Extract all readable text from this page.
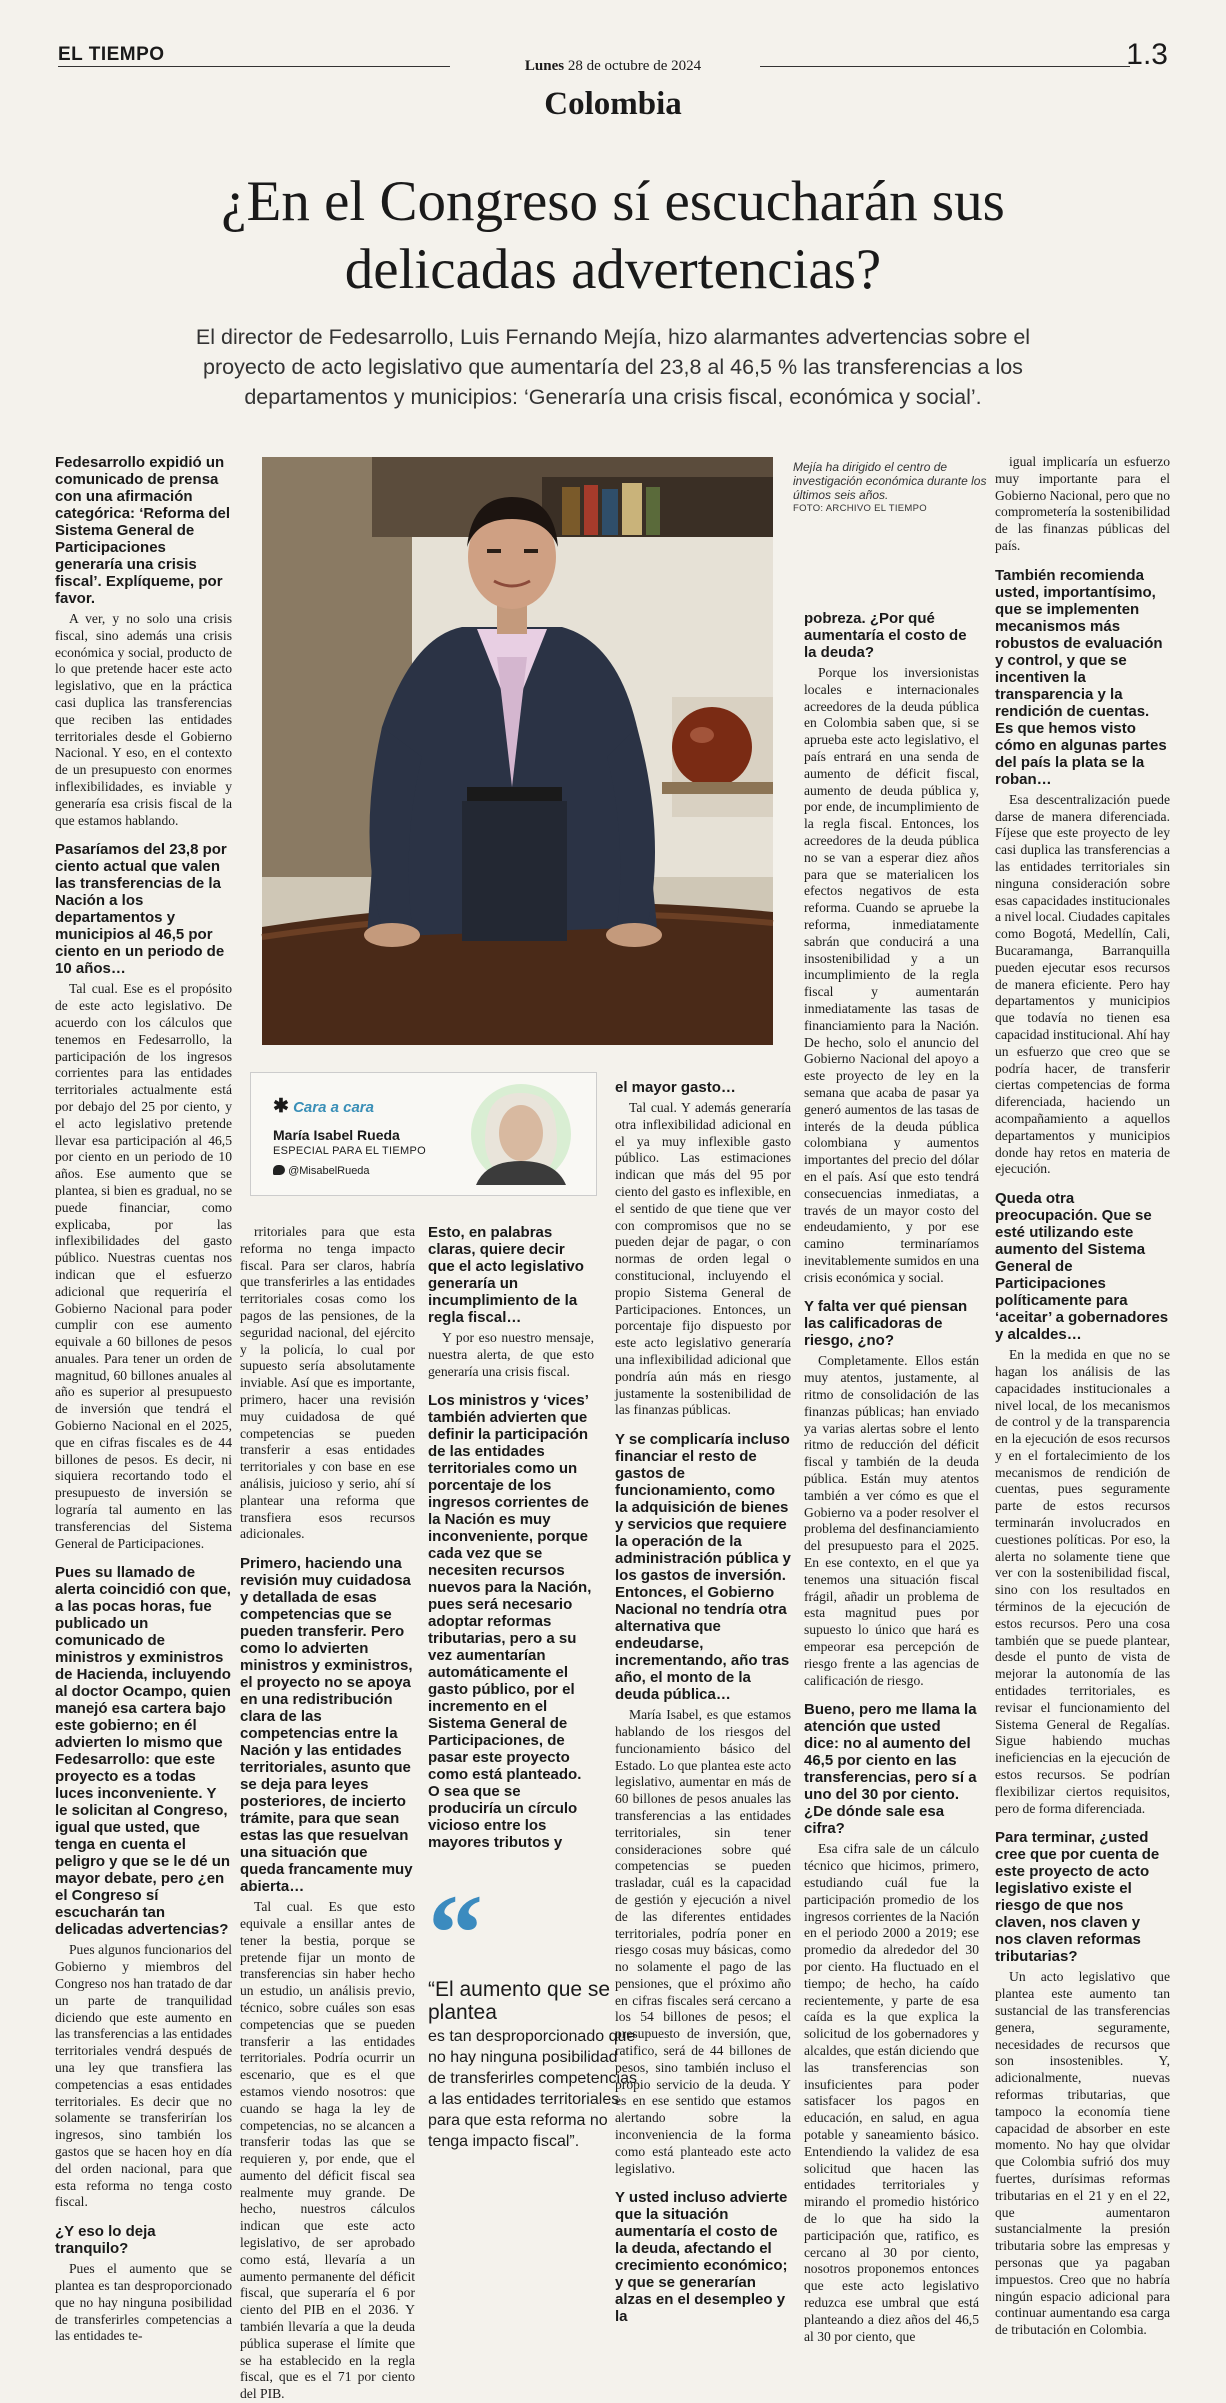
EL TIEMPO
Lunes 28 de octubre de 2024	1.3
Colombia
¿En el Congreso sí escucharán sus delicadas advertencias?
El director de Fedesarrollo, Luis Fernando Mejía, hizo alarmantes advertencias sobre el proyecto de acto legislativo que aumentaría del 23,8 al 46,5 % las transferencias a los departamentos y municipios: ‘Generaría una crisis fiscal, económica y social’.
Mejía ha dirigido el centro de investigación económica durante los últimos seis años.
FOTO: ARCHIVO EL TIEMPO
✱ Cara a cara
María Isabel Rueda
ESPECIAL PARA EL TIEMPO
@MisabelRueda
“
“El aumento que se plantea
es tan desproporcionado que no hay ninguna posibilidad de transferirles competencias a las entidades territoriales para que esta reforma no tenga impacto fiscal”.

Fedesarrollo expidió un comunicado de prensa con una afirmación categórica: ‘Reforma del Sistema General de Participaciones generaría una crisis fiscal’. Explíqueme, por favor.

A ver, y no solo una crisis fiscal, sino además una crisis económica y social, producto de lo que pretende hacer este acto legislativo, que en la práctica casi duplica las transferencias que reciben las entidades territoriales desde el Gobierno Nacional. Y eso, en el contexto de un presupuesto con enormes inflexibilidades, es inviable y generaría esa crisis fiscal de la que estamos hablando.

Pasaríamos del 23,8 por ciento actual que valen las transferencias de la Nación a los departamentos y municipios al 46,5 por ciento en un periodo de 10 años…

Tal cual. Ese es el propósito de este acto legislativo. De acuerdo con los cálculos que tenemos en Fedesarrollo, la participación de los ingresos corrientes para las entidades territoriales actualmente está por debajo del 25 por ciento, y el acto legislativo pretende llevar esa participación al 46,5 por ciento en un periodo de 10 años. Ese aumento que se plantea, si bien es gradual, no se puede financiar, como explicaba, por las inflexibilidades del gasto público. Nuestras cuentas nos indican que el esfuerzo adicional que requeriría el Gobierno Nacional para poder cumplir con ese aumento equivale a 60 billones de pesos anuales. Para tener un orden de magnitud, 60 billones anuales al año es superior al presupuesto de inversión que tendrá el Gobierno Nacional en el 2025, que en cifras fiscales es de 44 billones de pesos. Es decir, ni siquiera recortando todo el presupuesto de inversión se lograría tal aumento en las transferencias del Sistema General de Participaciones.

Pues su llamado de alerta coincidió con que, a las pocas horas, fue publicado un comunicado de ministros y exministros de Hacienda, incluyendo al doctor Ocampo, quien manejó esa cartera bajo este gobierno; en él advierten lo mismo que Fedesarrollo: que este proyecto es a todas luces inconveniente. Y le solicitan al Congreso, igual que usted, que tenga en cuenta el peligro y que se le dé un mayor debate, pero ¿en el Congreso sí escucharán tan delicadas advertencias?

Pues algunos funcionarios del Gobierno y miembros del Congreso nos han tratado de dar un parte de tranquilidad diciendo que este aumento en las transferencias a las entidades territoriales vendrá después de una ley que transfiera las competencias a esas entidades territoriales. Es decir que no solamente se transferirían los ingresos, sino también los gastos que se hacen hoy en día del orden nacional, para que esta reforma no tenga costo fiscal.

¿Y eso lo deja tranquilo?

Pues el aumento que se plantea es tan desproporcionado que no hay ninguna posibilidad de transferirles competencias a las entidades te-

rritoriales para que esta reforma no tenga impacto fiscal. Para ser claros, habría que transferirles a las entidades territoriales cosas como los pagos de las pensiones, de la seguridad nacional, del ejército y la policía, lo cual por supuesto sería absolutamente inviable. Así que es importante, primero, hacer una revisión muy cuidadosa de qué competencias se pueden transferir a esas entidades territoriales y con base en ese análisis, juicioso y serio, ahí sí plantear una reforma que transfiera esos recursos adicionales.

Primero, haciendo una revisión muy cuidadosa y detallada de esas competencias que se pueden transferir. Pero como lo advierten ministros y exministros, el proyecto no se apoya en una redistribución clara de las competencias entre la Nación y las entidades territoriales, asunto que se deja para leyes posteriores, de incierto trámite, para que sean estas las que resuelvan una situación que queda francamente muy abierta…

Tal cual. Es que esto equivale a ensillar antes de tener la bestia, porque se pretende fijar un monto de transferencias sin haber hecho un estudio, un análisis previo, técnico, sobre cuáles son esas competencias que se pueden transferir a las entidades territoriales. Podría ocurrir un escenario, que es el que estamos viendo nosotros: que cuando se haga la ley de competencias, no se alcancen a transferir todas las que se requieren y, por ende, que el aumento del déficit fiscal sea realmente muy grande. De hecho, nuestros cálculos indican que este acto legislativo, de ser aprobado como está, llevaría a un aumento permanente del déficit fiscal, que superaría el 6 por ciento del PIB en el 2036. Y también llevaría a que la deuda pública superase el límite que se ha establecido en la regla fiscal, que es el 71 por ciento del PIB.

Esto, en palabras claras, quiere decir que el acto legislativo generaría un incumplimiento de la regla fiscal…

Y por eso nuestro mensaje, nuestra alerta, de que esto generaría una crisis fiscal.

Los ministros y ‘vices’ también advierten que definir la participación de las entidades territoriales como un porcentaje de los ingresos corrientes de la Nación es muy inconveniente, porque cada vez que se necesiten recursos nuevos para la Nación, pues será necesario adoptar reformas tributarias, pero a su vez aumentarían automáticamente el gasto público, por el incremento en el Sistema General de Participaciones, de pasar este proyecto como está planteado. O sea que se produciría un círculo vicioso entre los mayores tributos y

el mayor gasto…

Tal cual. Y además generaría otra inflexibilidad adicional en el ya muy inflexible gasto público. Las estimaciones indican que más del 95 por ciento del gasto es inflexible, en el sentido de que tiene que ver con compromisos que no se pueden dejar de pagar, o con normas de orden legal o constitucional, incluyendo el propio Sistema General de Participaciones. Entonces, un porcentaje fijo dispuesto por este acto legislativo generaría una inflexibilidad adicional que pondría aún más en riesgo justamente la sostenibilidad de las finanzas públicas.

Y se complicaría incluso financiar el resto de gastos de funcionamiento, como la adquisición de bienes y servicios que requiere la operación de la administración pública y los gastos de inversión. Entonces, el Gobierno Nacional no tendría otra alternativa que endeudarse, incrementando, año tras año, el monto de la deuda pública…

María Isabel, es que estamos hablando de los riesgos del funcionamiento básico del Estado. Lo que plantea este acto legislativo, aumentar en más de 60 billones de pesos anuales las transferencias a las entidades territoriales, sin tener consideraciones sobre qué competencias se pueden trasladar, cuál es la capacidad de gestión y ejecución a nivel de las diferentes entidades territoriales, podría poner en riesgo cosas muy básicas, como no solamente el pago de las pensiones, que el próximo año en cifras fiscales será cercano a los 54 billones de pesos; el presupuesto de inversión, que, ratifico, será de 44 billones de pesos, sino también incluso el propio servicio de la deuda. Y es en ese sentido que estamos alertando sobre la inconveniencia de la forma como está planteado este acto legislativo.

Y usted incluso advierte que la situación aumentaría el costo de la deuda, afectando el crecimiento económico; y que se generarían alzas en el desempleo y la

pobreza. ¿Por qué aumentaría el costo de la deuda?

Porque los inversionistas locales e internacionales acreedores de la deuda pública en Colombia saben que, si se aprueba este acto legislativo, el país entrará en una senda de aumento de déficit fiscal, aumento de deuda pública y, por ende, de incumplimiento de la regla fiscal. Entonces, los acreedores de la deuda pública no se van a esperar diez años para que se materialicen los efectos negativos de esta reforma. Cuando se apruebe la reforma, inmediatamente sabrán que conducirá a una insostenibilidad y a un incumplimiento de la regla fiscal y aumentarán inmediatamente las tasas de financiamiento para la Nación. De hecho, solo el anuncio del Gobierno Nacional del apoyo a este proyecto de ley en la semana que acaba de pasar ya generó aumentos de las tasas de interés de la deuda pública colombiana y aumentos importantes del precio del dólar en el país. Así que esto tendrá consecuencias inmediatas, a través de un mayor costo del endeudamiento, y por ese camino terminaríamos inevitablemente sumidos en una crisis económica y social.

Y falta ver qué piensan las calificadoras de riesgo, ¿no?

Completamente. Ellos están muy atentos, justamente, al ritmo de consolidación de las finanzas públicas; han enviado ya varias alertas sobre el lento ritmo de reducción del déficit fiscal y también de la deuda pública. Están muy atentos también a ver cómo es que el Gobierno va a poder resolver el problema del desfinanciamiento del presupuesto para el 2025. En ese contexto, en el que ya tenemos una situación fiscal frágil, añadir un problema de esta magnitud pues por supuesto lo único que hará es empeorar esa percepción de riesgo frente a las agencias de calificación de riesgo.

Bueno, pero me llama la atención que usted dice: no al aumento del 46,5 por ciento en las transferencias, pero sí a uno del 30 por ciento. ¿De dónde sale esa cifra?

Esa cifra sale de un cálculo técnico que hicimos, primero, estudiando cuál fue la participación promedio de los ingresos corrientes de la Nación en el periodo 2000 a 2019; ese promedio da alrededor del 30 por ciento. Ha fluctuado en el tiempo; de hecho, ha caído recientemente, y parte de esa caída es la que explica la solicitud de los gobernadores y alcaldes, que están diciendo que las transferencias son insuficientes para poder satisfacer los pagos en educación, en salud, en agua potable y saneamiento básico. Entendiendo la validez de esa solicitud que hacen las entidades territoriales y mirando el promedio histórico de lo que ha sido la participación que, ratifico, es cercano al 30 por ciento, nosotros proponemos entonces que este acto legislativo reduzca ese umbral que está planteando a diez años del 46,5 al 30 por ciento, que

igual implicaría un esfuerzo muy importante para el Gobierno Nacional, pero que no comprometería la sostenibilidad de las finanzas públicas del país.

También recomienda usted, importantísimo, que se implementen mecanismos más robustos de evaluación y control, y que se incentiven la transparencia y la rendición de cuentas. Es que hemos visto cómo en algunas partes del país la plata se la roban…

Esa descentralización puede darse de manera diferenciada. Fíjese que este proyecto de ley casi duplica las transferencias a las entidades territoriales sin ninguna consideración sobre esas capacidades institucionales a nivel local. Ciudades capitales como Bogotá, Medellín, Cali, Bucaramanga, Barranquilla pueden ejecutar esos recursos de manera eficiente. Pero hay departamentos y municipios que todavía no tienen esa capacidad institucional. Ahí hay un esfuerzo que creo que se podría hacer, de transferir ciertas competencias de forma diferenciada, haciendo un acompañamiento a aquellos departamentos y municipios donde hay retos en materia de ejecución.

Queda otra preocupación. Que se esté utilizando este aumento del Sistema General de Participaciones políticamente para ‘aceitar’ a gobernadores y alcaldes…

En la medida en que no se hagan los análisis de las capacidades institucionales a nivel local, de los mecanismos de control y de la transparencia en la ejecución de esos recursos y en el fortalecimiento de los mecanismos de rendición de cuentas, pues seguramente parte de estos recursos terminarán involucrados en cuestiones políticas. Por eso, la alerta no solamente tiene que ver con la sostenibilidad fiscal, sino con los resultados en términos de la ejecución de estos recursos. Pero una cosa también que se puede plantear, desde el punto de vista de mejorar la autonomía de las entidades territoriales, es revisar el funcionamiento del Sistema General de Regalías. Sigue habiendo muchas ineficiencias en la ejecución de estos recursos. Se podrían flexibilizar ciertos requisitos, pero de forma diferenciada.

Para terminar, ¿usted cree que por cuenta de este proyecto de acto legislativo existe el riesgo de que nos claven, nos claven y nos claven reformas tributarias?

Un acto legislativo que plantea este aumento tan sustancial de las transferencias genera, seguramente, necesidades de recursos que son insostenibles. Y, adicionalmente, nuevas reformas tributarias, que tampoco la economía tiene capacidad de absorber en este momento. No hay que olvidar que Colombia sufrió dos muy fuertes, durísimas reformas tributarias en el 21 y en el 22, que aumentaron sustancialmente la presión tributaria sobre las empresas y personas que ya pagaban impuestos. Creo que no habría ningún espacio adicional para continuar aumentando esa carga de tributación en Colombia.
